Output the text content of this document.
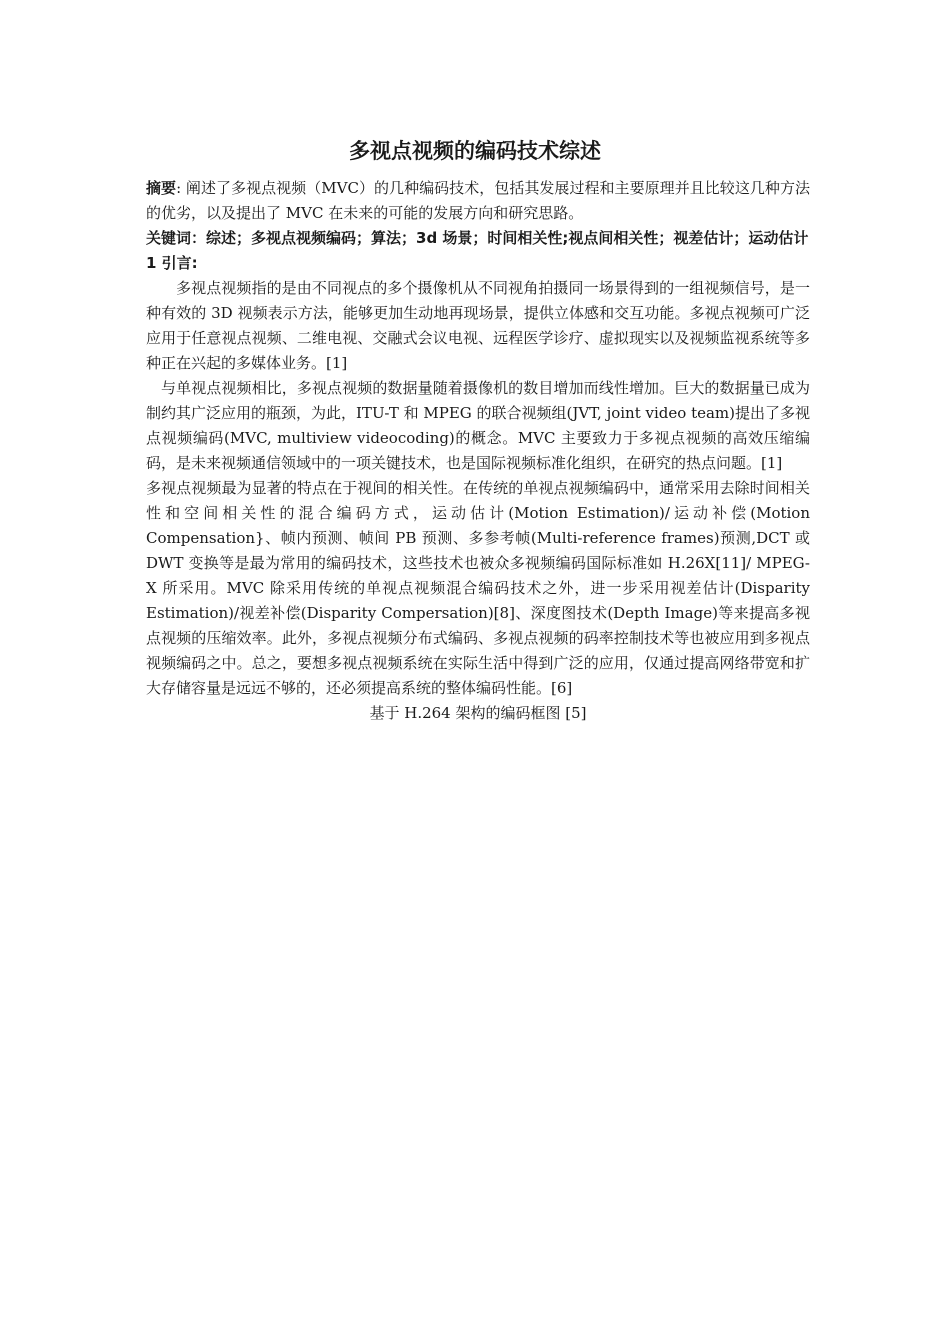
多视点视频的编码技术综述

摘要: 阐述了多视点视频（MVC）的几种编码技术，包括其发展过程和主要原理并且比较这几种方法的优劣，以及提出了 MVC 在未来的可能的发展方向和研究思路。

关键词：综述；多视点视频编码；算法；3d 场景；时间相关性;视点间相关性；视差估计；运动估计

1 引言:

多视点视频指的是由不同视点的多个摄像机从不同视角拍摄同一场景得到的一组视频信号，是一种有效的 3D 视频表示方法，能够更加生动地再现场景，提供立体感和交互功能。多视点视频可广泛应用于任意视点视频、二维电视、交融式会议电视、远程医学诊疗、虚拟现实以及视频监视系统等多种正在兴起的多媒体业务。[1]

与单视点视频相比，多视点视频的数据量随着摄像机的数目增加而线性增加。巨大的数据量已成为制约其广泛应用的瓶颈，为此，ITU-T 和 MPEG 的联合视频组(JVT, joint video team)提出了多视点视频编码(MVC, multiview videocoding)的概念。MVC 主要致力于多视点视频的高效压缩编码，是未来视频通信领域中的一项关键技术，也是国际视频标准化组织，在研究的热点问题。[1]

多视点视频最为显著的特点在于视间的相关性。在传统的单视点视频编码中，通常采用去除时间相关性和空间相关性的混合编码方式，运动估计(Motion Estimation)/运动补偿(Motion Compensation}、帧内预测、帧间 PB 预测、多参考帧(Multi-reference frames)预测,DCT 或 DWT 变换等是最为常用的编码技术，这些技术也被众多视频编码国际标准如 H.26X[11]/ MPEG-X 所采用。MVC 除采用传统的单视点视频混合编码技术之外，进一步采用视差估计(Disparity Estimation)/视差补偿(Disparity Compersation)[8]、深度图技术(Depth Image)等来提高多视点视频的压缩效率。此外，多视点视频分布式编码、多视点视频的码率控制技术等也被应用到多视点视频编码之中。总之，要想多视点视频系统在实际生活中得到广泛的应用，仅通过提高网络带宽和扩大存储容量是远远不够的，还必须提高系统的整体编码性能。[6]

基于 H.264 架构的编码框图 [5]
